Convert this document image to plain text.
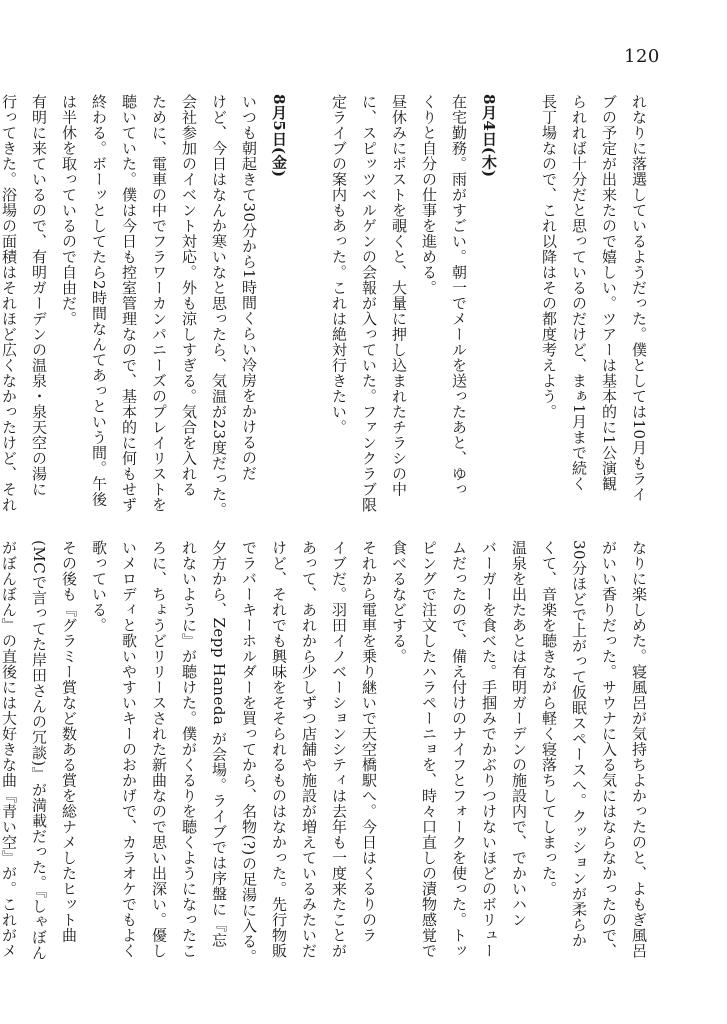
120
れなりに落選しているようだった。僕としては10月もライ
ブの予定が出来たので嬉しい。ツアーは基本的に1公演観
られれば十分だと思っているのだけど、まぁ1月まで続く
長丁場なので、これ以降はその都度考えよう。
8月4日(木)
在宅勤務。雨がすごい。朝一でメールを送ったあと、ゆっ
くりと自分の仕事を進める。
昼休みにポストを覗くと、大量に押し込まれたチラシの中
に、スピッツベルゲンの会報が入っていた。ファンクラブ限
定ライブの案内もあった。これは絶対行きたい。
8月5日(金)
いつも朝起きて30分から1時間くらい冷房をかけるのだ
けど、今日はなんか寒いなと思ったら、気温が23度だった。
会社参加のイベント対応。外も涼しすぎる。気合を入れる
ために、電車の中でフラワーカンパニーズのプレイリストを
聴いていた。僕は今日も控室管理なので、基本的に何もせず
終わる。ボーッとしてたら2時間なんてあっという間。午後
は半休を取っているので自由だ。
有明に来ているので、有明ガーデンの温泉・泉天空の湯に
行ってきた。浴場の面積はそれほど広くなかったけど、それ
なりに楽しめた。寝風呂が気持ちよかったのと、よもぎ風呂
がいい香りだった。サウナに入る気にはならなかったので、
30分ほどで上がって仮眠スペースへ。クッションが柔らか
くて、音楽を聴きながら軽く寝落ちしてしまった。
温泉を出たあとは有明ガーデンの施設内で、でかいハン
バーガーを食べた。手掴みでかぶりつけないほどのボリュー
ムだったので、備え付けのナイフとフォークを使った。トッ
ピングで注文したハラペーニョを、時々口直しの漬物感覚で
食べるなどする。
それから電車を乗り継いで天空橋駅へ。今日はくるりのラ
イブだ。羽田イノベーションシティは去年も一度来たことが
あって、あれから少しずつ店舗や施設が増えているみたいだ
けど、それでも興味をそそられるものはなかった。先行物販
でラバーキーホルダーを買ってから、名物(?)の足湯に入る。
夕方から、Zepp Haneda が会場。ライブでは序盤に『忘
れないように』が聴けた。僕がくるりを聴くようになったこ
ろに、ちょうどリリースされた新曲なので思い出深い。優し
いメロディと歌いやすいキーのおかげで、カラオケでもよく
歌っている。
その後も『グラミー賞など数ある賞を総ナメしたヒット曲
(MCで言ってた岸田さんの冗談)』が満載だった。『しゃぼん
がぼんぼん』の直後には大好きな曲『青い空』が。これがメ
